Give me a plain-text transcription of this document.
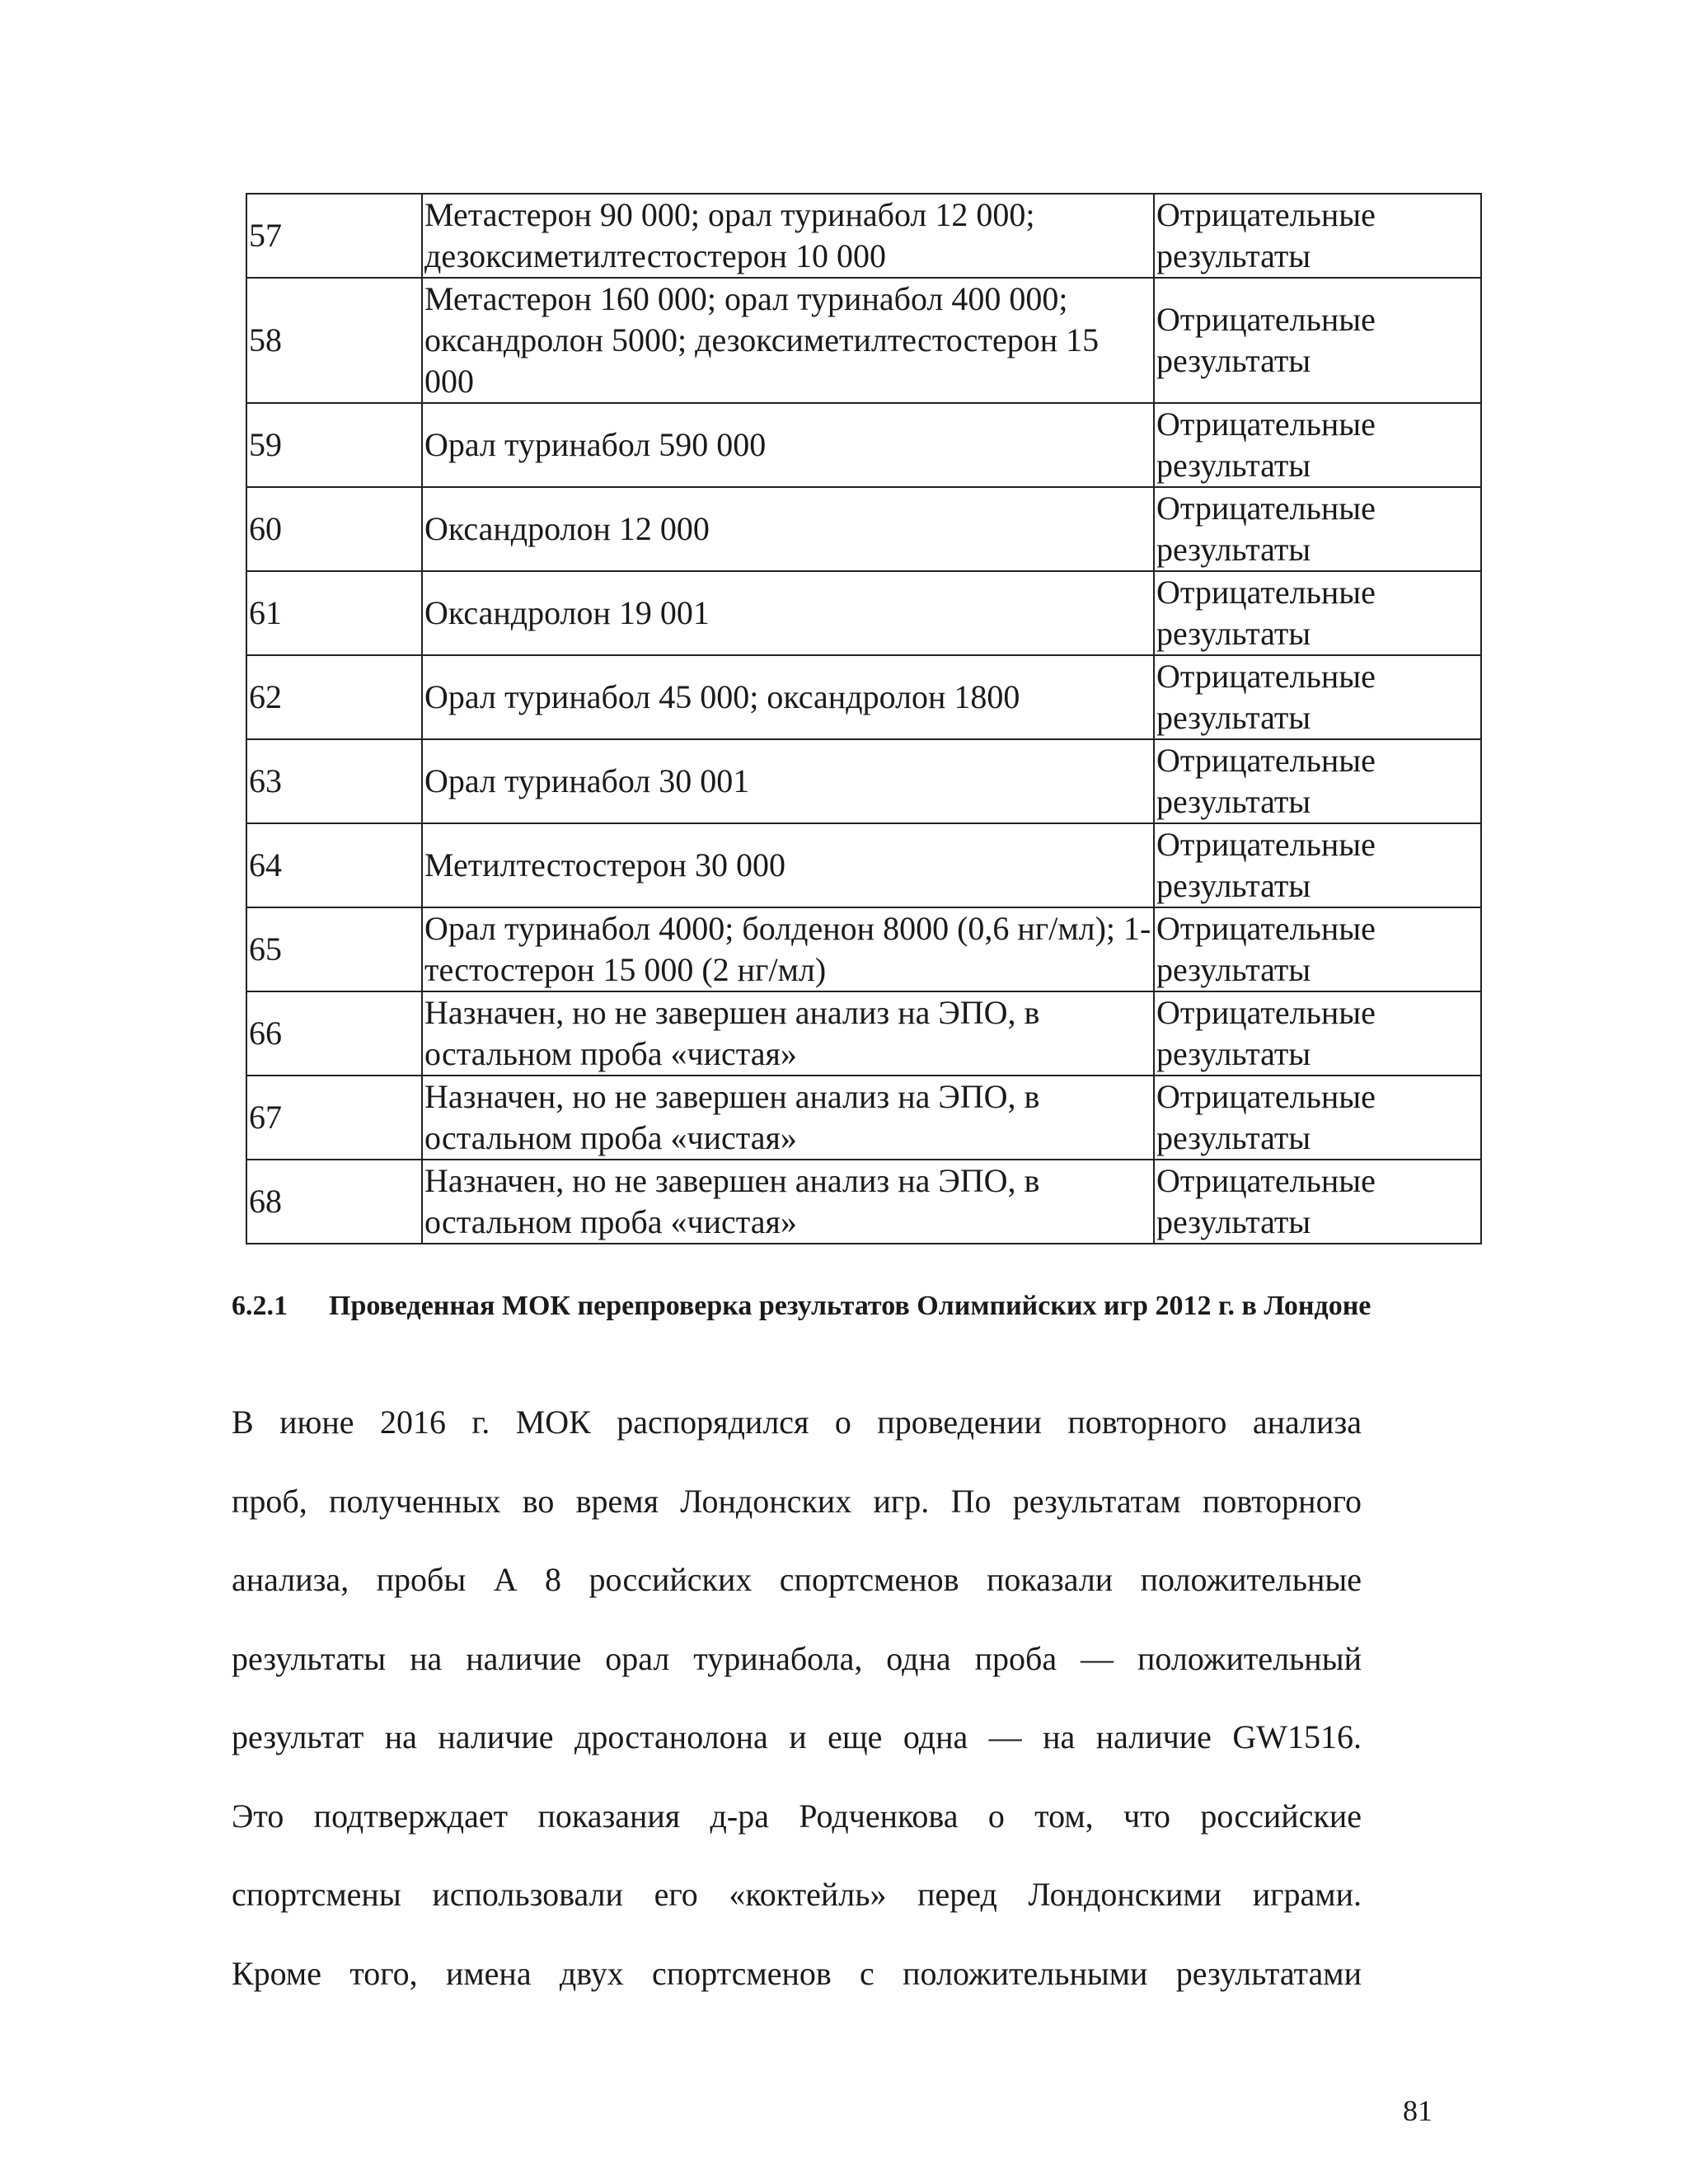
57	Метастерон 90 000; орал туринабол 12 000; дезоксиметилтестостерон 10 000	Отрицательные результаты
58	Метастерон 160 000; орал туринабол 400 000; оксандролон 5000; дезоксиметилтестостерон 15 000	Отрицательные результаты
59	Орал туринабол 590 000	Отрицательные результаты
60	Оксандролон 12 000	Отрицательные результаты
61	Оксандролон 19 001	Отрицательные результаты
62	Орал туринабол 45 000; оксандролон 1800	Отрицательные результаты
63	Орал туринабол 30 001	Отрицательные результаты
64	Метилтестостерон 30 000	Отрицательные результаты
65	Орал туринабол 4000; болденон 8000 (0,6 нг/мл); 1-тестостерон 15 000 (2 нг/мл)	Отрицательные результаты
66	Назначен, но не завершен анализ на ЭПО, в остальном проба «чистая»	Отрицательные результаты
67	Назначен, но не завершен анализ на ЭПО, в остальном проба «чистая»	Отрицательные результаты
68	Назначен, но не завершен анализ на ЭПО, в остальном проба «чистая»	Отрицательные результаты
6.2.1 Проведенная МОК перепроверка результатов Олимпийских игр 2012 г. в Лондоне
В июне 2016 г. МОК распорядился о проведении повторного анализа
проб, полученных во время Лондонских игр. По результатам повторного
анализа, пробы А 8 российских спортсменов показали положительные
результаты на наличие орал туринабола, одна проба — положительный
результат на наличие дростанолона и еще одна — на наличие GW1516.
Это подтверждает показания д-ра Родченкова о том, что российские
спортсмены использовали его «коктейль» перед Лондонскими играми.
Кроме того, имена двух спортсменов с положительными результатами
81
